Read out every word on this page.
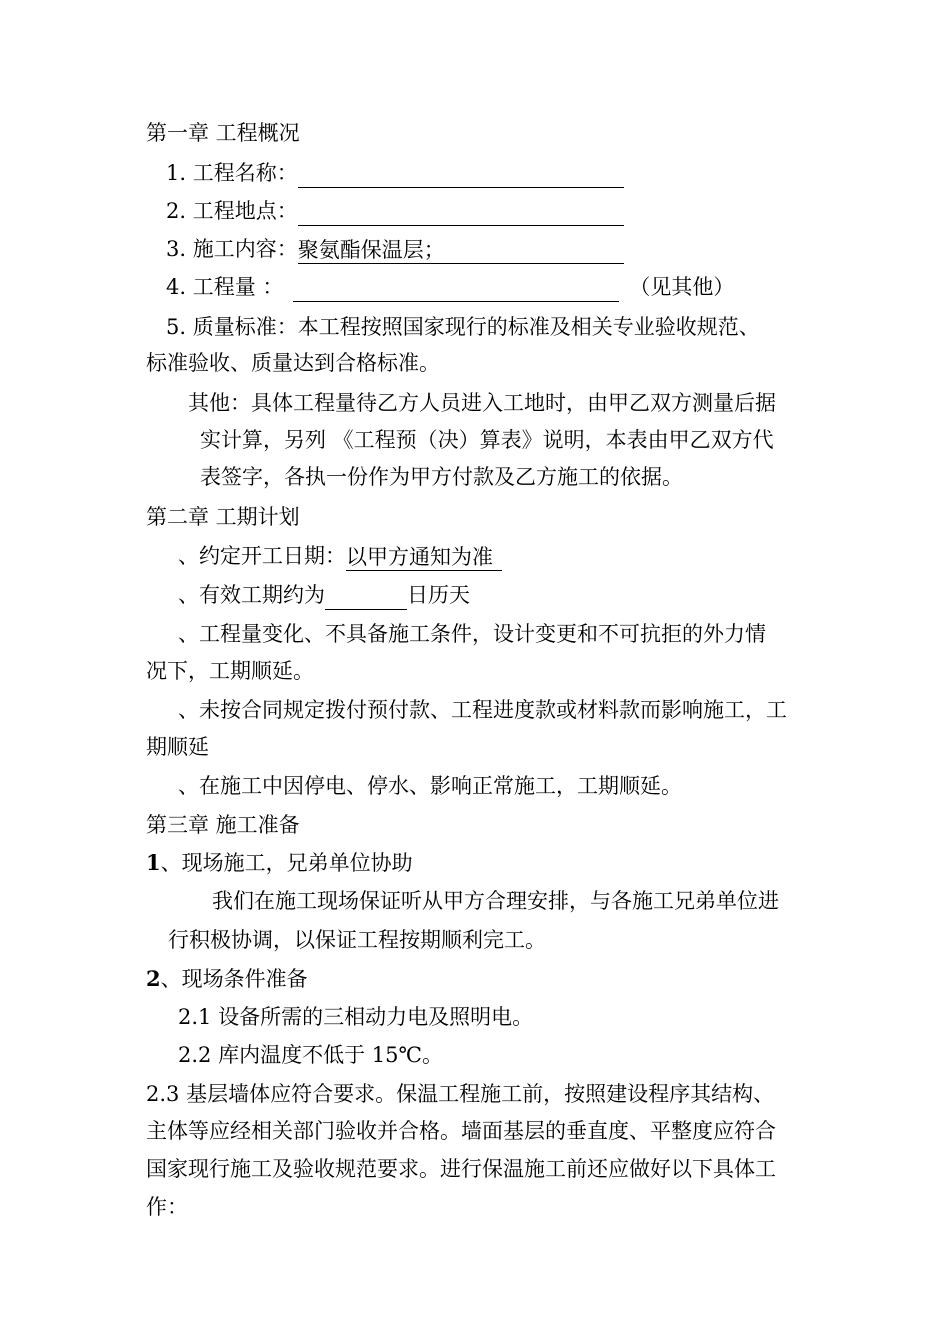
第一章 工程概况
1. 工程名称：
2. 工程地点：
3. 施工内容：聚氨酯保温层；
4. 工程量 ：	（见其他）
5. 质量标准：本工程按照国家现行的标准及相关专业验收规范、
标准验收、质量达到合格标准。
其他：具体工程量待乙方人员进入工地时，由甲乙双方测量后据
实计算，另列 《工程预（决）算表》说明，本表由甲乙双方代
表签字，各执一份作为甲方付款及乙方施工的依据。
第二章 工期计划
、约定开工日期：以甲方通知为准
、有效工期约为	日历天
、工程量变化、不具备施工条件，设计变更和不可抗拒的外力情
况下，工期顺延。
、未按合同规定拨付预付款、工程进度款或材料款而影响施工，工
期顺延
、在施工中因停电、停水、影响正常施工，工期顺延。
第三章 施工准备
1、现场施工，兄弟单位协助
我们在施工现场保证听从甲方合理安排，与各施工兄弟单位进
行积极协调，以保证工程按期顺利完工。
2、现场条件准备
2.1 设备所需的三相动力电及照明电。
2.2 库内温度不低于 15℃。
2.3 基层墙体应符合要求。保温工程施工前，按照建设程序其结构、
主体等应经相关部门验收并合格。墙面基层的垂直度、平整度应符合
国家现行施工及验收规范要求。进行保温施工前还应做好以下具体工
作：
